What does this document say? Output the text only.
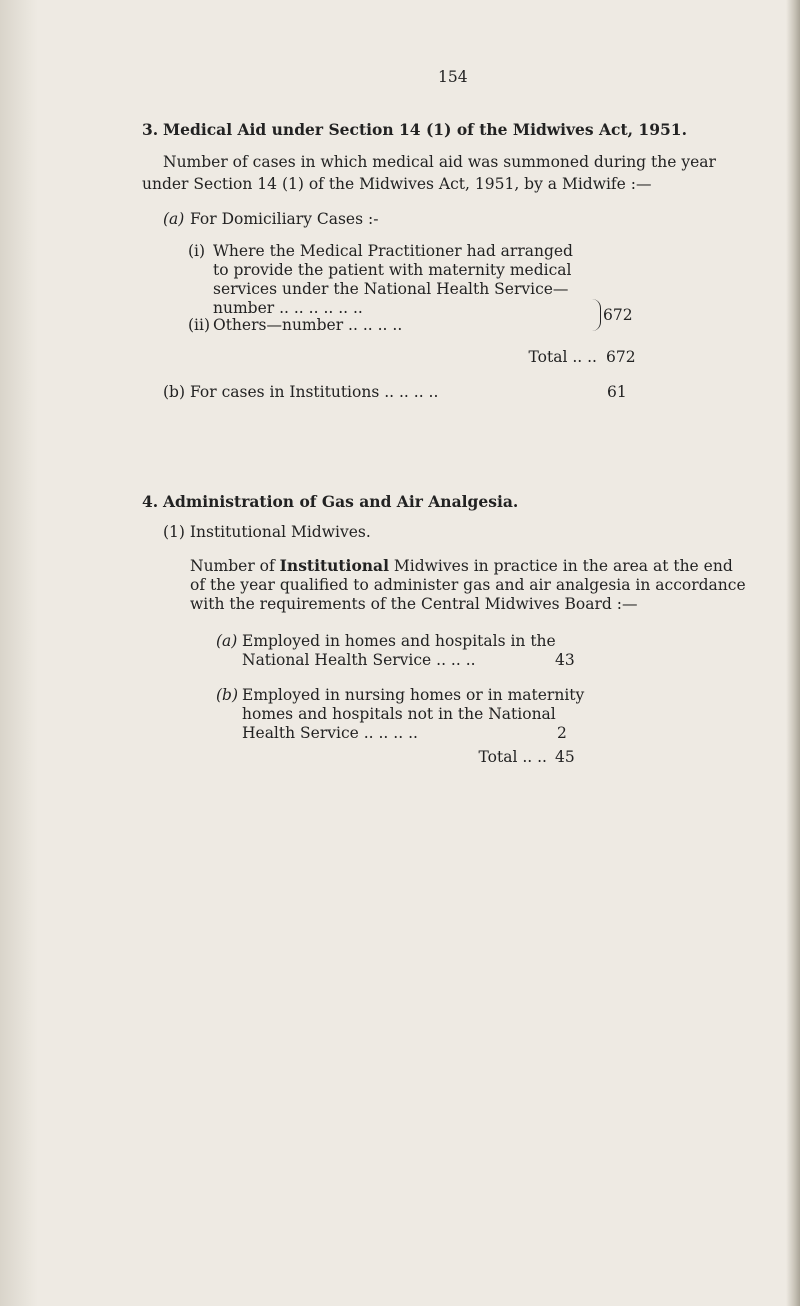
154
3. Medical Aid under Section 14 (1) of the Midwives Act, 1951.
Number of cases in which medical aid was summoned during the year
under Section 14 (1) of the Midwives Act, 1951, by a Midwife :—
(a) For Domiciliary Cases :-
(i) Where the Medical Practitioner had arranged
to provide the patient with maternity medical
services under the National Health Service—
number .. .. .. .. .. ..
(ii) Others—number .. .. .. ..
672
Total .. .. 672
(b) For cases in Institutions .. .. .. ..	61
4. Administration of Gas and Air Analgesia.
(1) Institutional Midwives.
Number of Institutional Midwives in practice in the area at the end
of the year qualified to administer gas and air analgesia in accordance
with the requirements of the Central Midwives Board :—
(a) Employed in homes and hospitals in the
National Health Service .. .. ..	43
(b) Employed in nursing homes or in maternity
homes and hospitals not in the National
Health Service .. .. .. ..	2
Total .. .. 45
